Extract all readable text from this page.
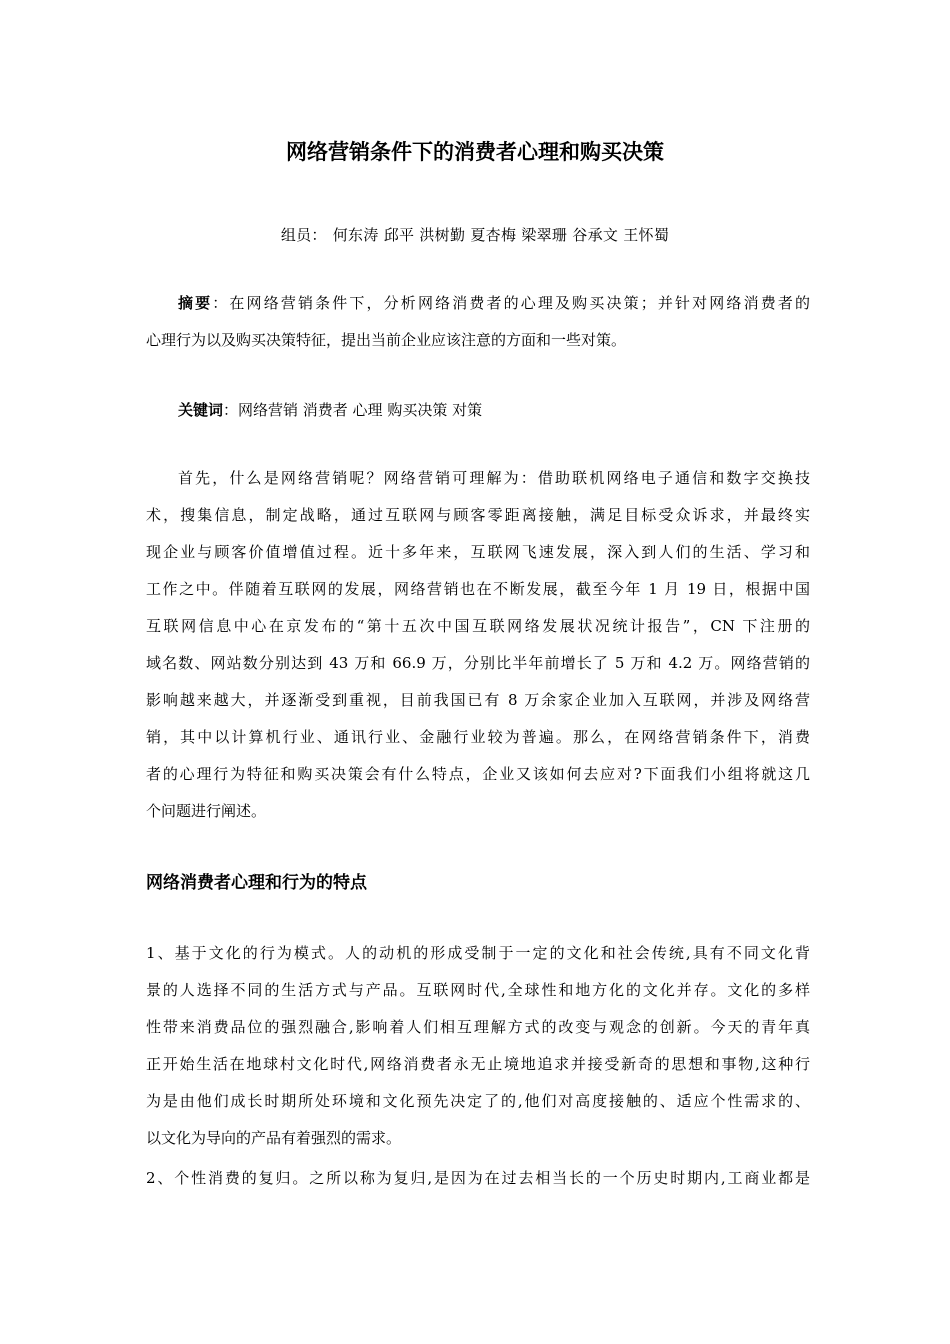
网络营销条件下的消费者心理和购买决策
组员： 何东涛 邱平 洪树勤 夏杏梅 梁翠珊 谷承文 王怀蜀
摘要：在网络营销条件下，分析网络消费者的心理及购买决策；并针对网络消费者的
心理行为以及购买决策特征，提出当前企业应该注意的方面和一些对策。
关键词：网络营销 消费者 心理 购买决策 对策
首先，什么是网络营销呢？网络营销可理解为：借助联机网络电子通信和数字交换技
术，搜集信息，制定战略，通过互联网与顾客零距离接触，满足目标受众诉求，并最终实
现企业与顾客价值增值过程。近十多年来，互联网飞速发展，深入到人们的生活、学习和
工作之中。伴随着互联网的发展，网络营销也在不断发展，截至今年 1 月 19 日，根据中国
互联网信息中心在京发布的“第十五次中国互联网络发展状况统计报告”，CN 下注册的
域名数、网站数分别达到 43 万和 66.9 万，分别比半年前增长了 5 万和 4.2 万。网络营销的
影响越来越大，并逐渐受到重视，目前我国已有 8 万余家企业加入互联网，并涉及网络营
销，其中以计算机行业、通讯行业、金融行业较为普遍。那么，在网络营销条件下，消费
者的心理行为特征和购买决策会有什么特点，企业又该如何去应对?下面我们小组将就这几
个问题进行阐述。
网络消费者心理和行为的特点
1、基于文化的行为模式。人的动机的形成受制于一定的文化和社会传统,具有不同文化背
景的人选择不同的生活方式与产品。互联网时代,全球性和地方化的文化并存。文化的多样
性带来消费品位的强烈融合,影响着人们相互理解方式的改变与观念的创新。今天的青年真
正开始生活在地球村文化时代,网络消费者永无止境地追求并接受新奇的思想和事物,这种行
为是由他们成长时期所处环境和文化预先决定了的,他们对高度接触的、适应个性需求的、
以文化为导向的产品有着强烈的需求。
2、个性消费的复归。之所以称为复归,是因为在过去相当长的一个历史时期内,工商业都是
